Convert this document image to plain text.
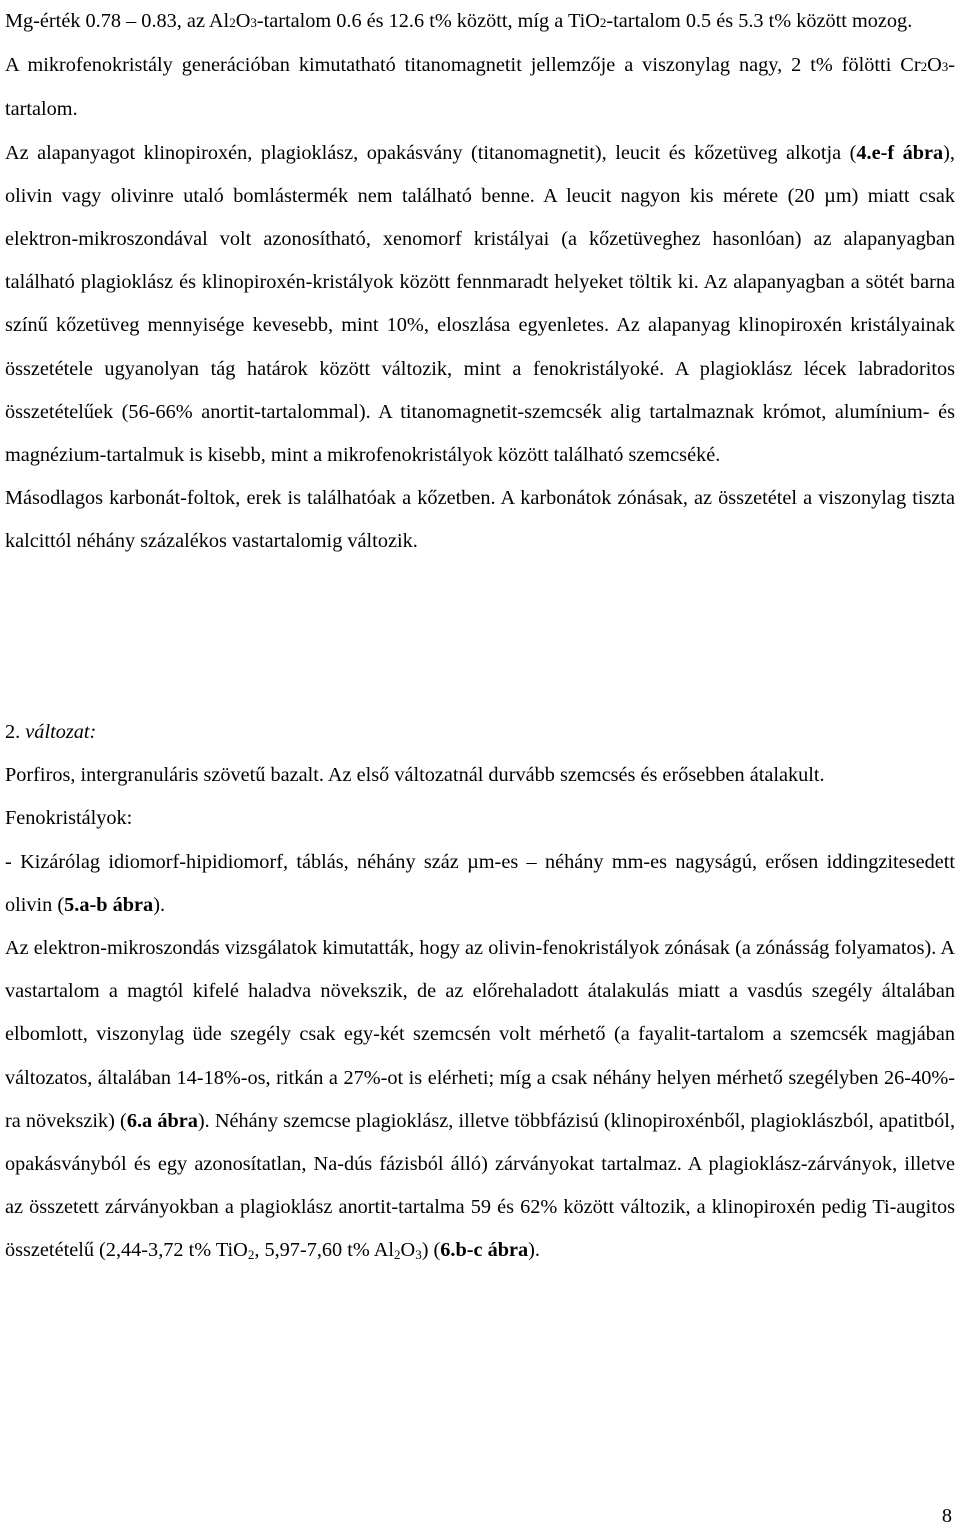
Mg-érték 0.78 – 0.83, az Al2O3-tartalom 0.6 és 12.6 t% között, míg a TiO2-tartalom 0.5 és 5.3 t% között mozog.

A mikrofenokristály generációban kimutatható titanomagnetit jellemzője a viszonylag nagy, 2 t% fölötti Cr2O3-tartalom.

Az alapanyagot klinopiroxén, plagioklász, opakásvány (titanomagnetit), leucit és kőzetüveg alkotja (4.e-f ábra), olivin vagy olivinre utaló bomlástermék nem található benne. A leucit nagyon kis mérete (20 µm) miatt csak elektron-mikroszondával volt azonosítható, xenomorf kristályai (a kőzetüveghez hasonlóan) az alapanyagban található plagioklász és klinopiroxén-kristályok között fennmaradt helyeket töltik ki. Az alapanyagban a sötét barna színű kőzetüveg mennyisége kevesebb, mint 10%, eloszlása egyenletes. Az alapanyag klinopiroxén kristályainak összetétele ugyanolyan tág határok között változik, mint a fenokristályoké. A plagioklász lécek labradoritos összetételűek (56-66% anortit-tartalommal). A titanomagnetit-szemcsék alig tartalmaznak krómot, alumínium- és magnézium-tartalmuk is kisebb, mint a mikrofenokristályok között található szemcséké.

Másodlagos karbonát-foltok, erek is találhatóak a kőzetben. A karbonátok zónásak, az összetétel a viszonylag tiszta kalcittól néhány százalékos vastartalomig változik.

2. változat:

Porfiros, intergranuláris szövetű bazalt. Az első változatnál durvább szemcsés és erősebben átalakult.

Fenokristályok:

- Kizárólag idiomorf-hipidiomorf, táblás, néhány száz µm-es – néhány mm-es nagyságú, erősen iddingzitesedett olivin (5.a-b ábra).

Az elektron-mikroszondás vizsgálatok kimutatták, hogy az olivin-fenokristályok zónásak (a zónásság folyamatos). A vastartalom a magtól kifelé haladva növekszik, de az előrehaladott átalakulás miatt a vasdús szegély általában elbomlott, viszonylag üde szegély csak egy-két szemcsén volt mérhető (a fayalit-tartalom a szemcsék magjában változatos, általában 14-18%-os, ritkán a 27%-ot is elérheti; míg a csak néhány helyen mérhető szegélyben 26-40%-ra növekszik) (6.a ábra). Néhány szemcse plagioklász, illetve többfázisú (klinopiroxénből, plagioklászból, apatitból, opakásványból és egy azonosítatlan, Na-dús fázisból álló) zárványokat tartalmaz. A plagioklász-zárványok, illetve az összetett zárványokban a plagioklász anortit-tartalma 59 és 62% között változik, a klinopiroxén pedig Ti-augitos összetételű (2,44-3,72 t% TiO$_2$, 5,97-7,60 t% $Al_2O_3$) (6.b-c ábra).

8
